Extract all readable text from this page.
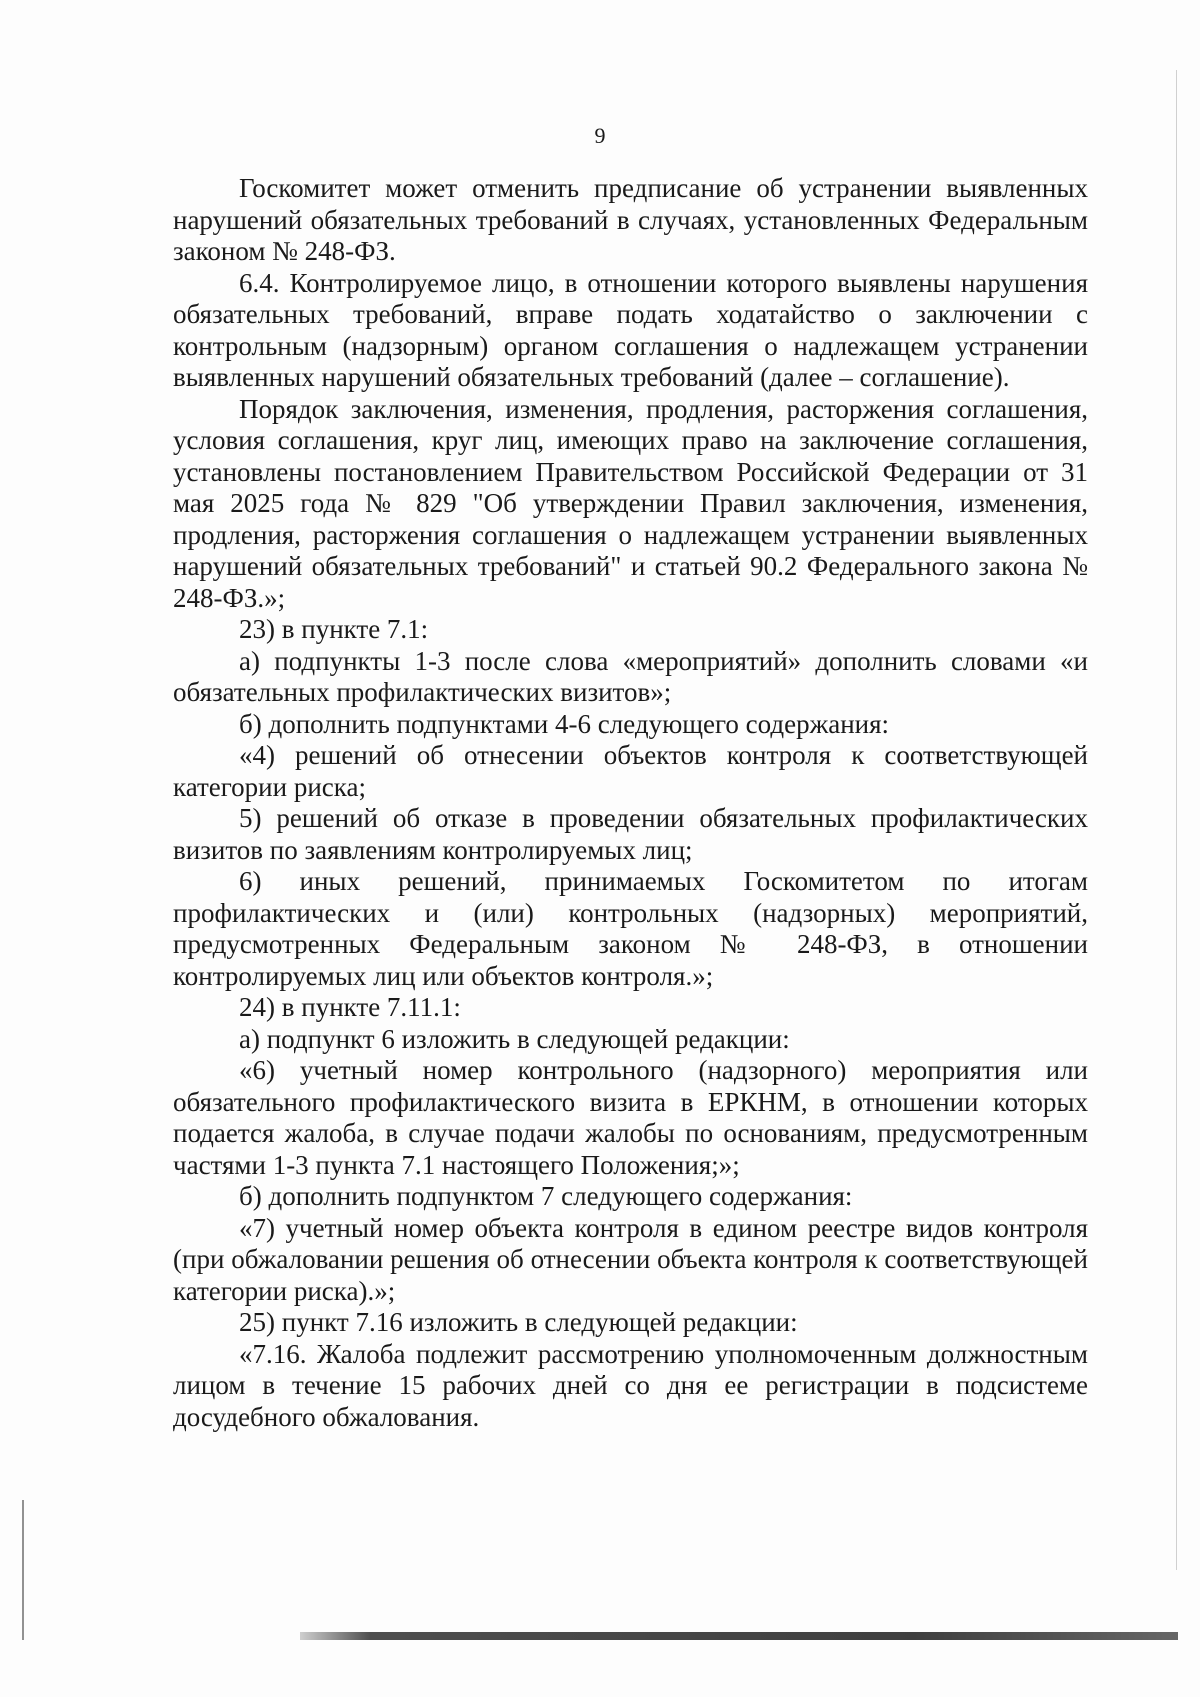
9

Госкомитет может отменить предписание об устранении выявленных нарушений обязательных требований в случаях, установленных Федеральным законом № 248-ФЗ.

6.4. Контролируемое лицо, в отношении которого выявлены нарушения обязательных требований, вправе подать ходатайство о заключении с контрольным (надзорным) органом соглашения о надлежащем устранении выявленных нарушений обязательных требований (далее – соглашение).

Порядок заключения, изменения, продления, расторжения соглашения, условия соглашения, круг лиц, имеющих право на заключение соглашения, установлены постановлением Правительством Российской Федерации от 31 мая 2025 года № 829 "Об утверждении Правил заключения, изменения, продления, расторжения соглашения о надлежащем устранении выявленных нарушений обязательных требований" и статьей 90.2 Федерального закона № 248-ФЗ.»;

23) в пункте 7.1:

а) подпункты 1-3 после слова «мероприятий» дополнить словами «и обязательных профилактических визитов»;

б) дополнить подпунктами 4-6 следующего содержания:

«4) решений об отнесении объектов контроля к соответствующей категории риска;

5) решений об отказе в проведении обязательных профилактических визитов по заявлениям контролируемых лиц;

6) иных решений, принимаемых Госкомитетом по итогам профилактических и (или) контрольных (надзорных) мероприятий, предусмотренных Федеральным законом № 248-ФЗ, в отношении контролируемых лиц или объектов контроля.»;

24) в пункте 7.11.1:

а) подпункт 6 изложить в следующей редакции:

«6) учетный номер контрольного (надзорного) мероприятия или обязательного профилактического визита в ЕРКНМ, в отношении которых подается жалоба, в случае подачи жалобы по основаниям, предусмотренным частями 1-3 пункта 7.1 настоящего Положения;»;

б) дополнить подпунктом 7 следующего содержания:

«7) учетный номер объекта контроля в едином реестре видов контроля (при обжаловании решения об отнесении объекта контроля к соответствующей категории риска).»;

25) пункт 7.16 изложить в следующей редакции:

«7.16. Жалоба подлежит рассмотрению уполномоченным должностным лицом в течение 15 рабочих дней со дня ее регистрации в подсистеме досудебного обжалования.
